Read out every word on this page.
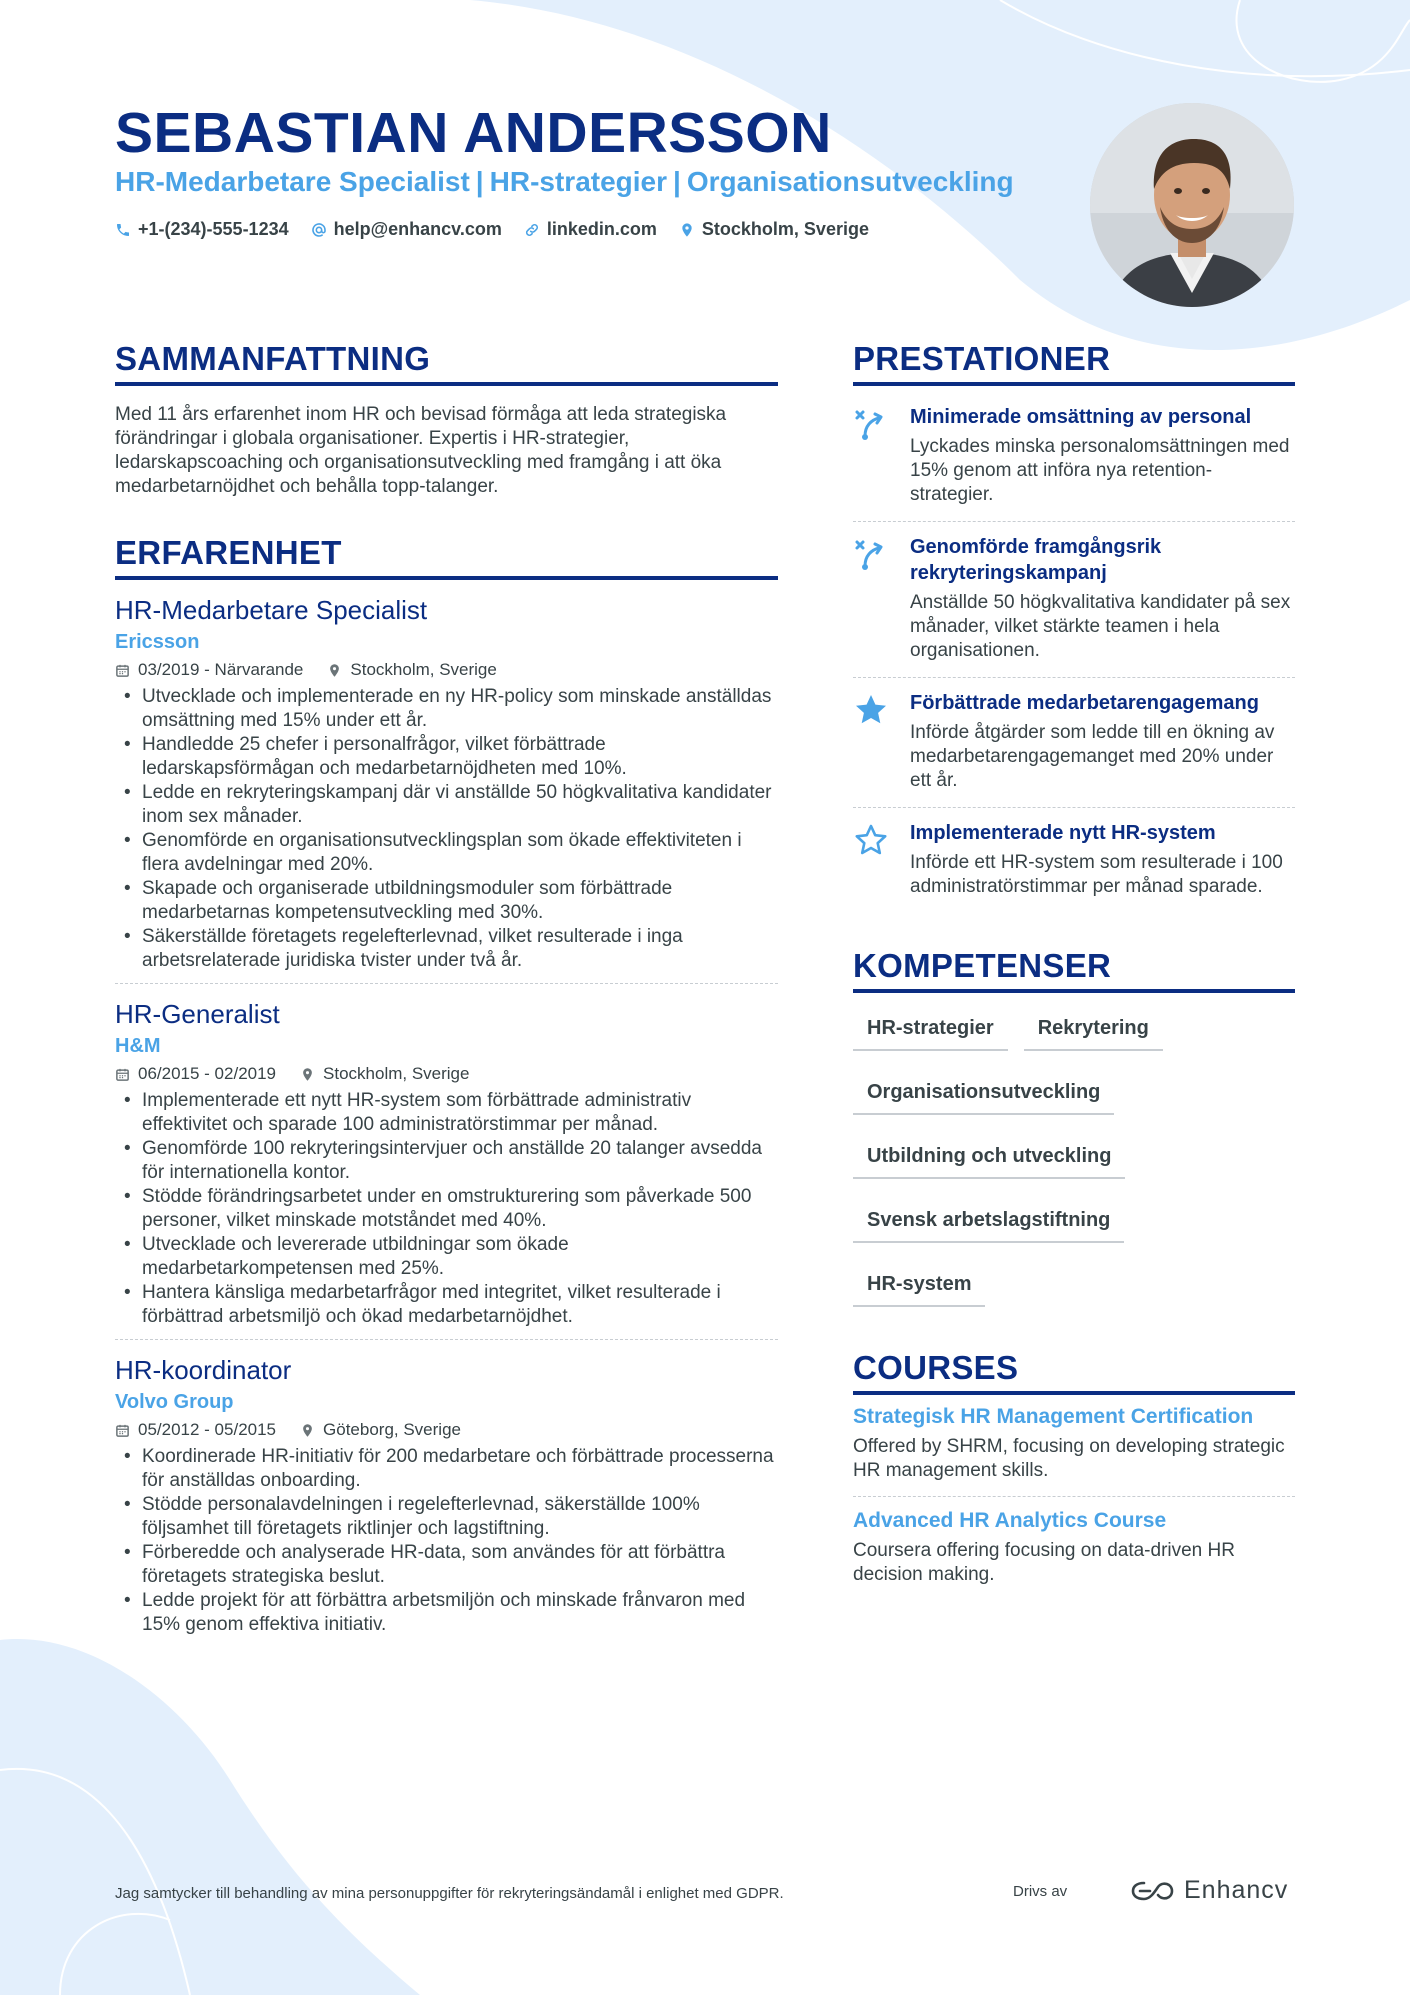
SEBASTIAN ANDERSSON
HR-Medarbetare Specialist | HR-strategier | Organisationsutveckling
+1-(234)-555-1234	help@enhancv.com	linkedin.com	Stockholm, Sverige
SAMMANFATTNING

Med 11 års erfarenhet inom HR och bevisad förmåga att leda strategiska förändringar i globala organisationer. Expertis i HR-strategier, ledarskapscoaching och organisationsutveckling med framgång i att öka medarbetarnöjdhet och behålla topp-talanger.

ERFARENHET
HR-Medarbetare Specialist
Ericsson
03/2019 - Närvarande	Stockholm, Sverige
• Utvecklade och implementerade en ny HR-policy som minskade anställdas omsättning med 15% under ett år.
• Handledde 25 chefer i personalfrågor, vilket förbättrade ledarskapsförmågan och medarbetarnöjdheten med 10%.
• Ledde en rekryteringskampanj där vi anställde 50 högkvalitativa kandidater inom sex månader.
• Genomförde en organisationsutvecklingsplan som ökade effektiviteten i flera avdelningar med 20%.
• Skapade och organiserade utbildningsmoduler som förbättrade medarbetarnas kompetensutveckling med 30%.
• Säkerställde företagets regelefterlevnad, vilket resulterade i inga arbetsrelaterade juridiska tvister under två år.
HR-Generalist
H&M
06/2015 - 02/2019	Stockholm, Sverige
• Implementerade ett nytt HR-system som förbättrade administrativ effektivitet och sparade 100 administratörstimmar per månad.
• Genomförde 100 rekryteringsintervjuer och anställde 20 talanger avsedda för internationella kontor.
• Stödde förändringsarbetet under en omstrukturering som påverkade 500 personer, vilket minskade motståndet med 40%.
• Utvecklade och levererade utbildningar som ökade medarbetarkompetensen med 25%.
• Hantera känsliga medarbetarfrågor med integritet, vilket resulterade i förbättrad arbetsmiljö och ökad medarbetarnöjdhet.
HR-koordinator
Volvo Group
05/2012 - 05/2015	Göteborg, Sverige
• Koordinerade HR-initiativ för 200 medarbetare och förbättrade processerna för anställdas onboarding.
• Stödde personalavdelningen i regelefterlevnad, säkerställde 100% följsamhet till företagets riktlinjer och lagstiftning.
• Förberedde och analyserade HR-data, som användes för att förbättra företagets strategiska beslut.
• Ledde projekt för att förbättra arbetsmiljön och minskade frånvaron med 15% genom effektiva initiativ.
PRESTATIONER
Minimerade omsättning av personal
Lyckades minska personalomsättningen med 15% genom att införa nya retention-strategier.
Genomförde framgångsrik rekryteringskampanj
Anställde 50 högkvalitativa kandidater på sex månader, vilket stärkte teamen i hela organisationen.
Förbättrade medarbetarengagemang
Införde åtgärder som ledde till en ökning av medarbetarengagemanget med 20% under ett år.
Implementerade nytt HR-system
Införde ett HR-system som resulterade i 100 administratörstimmar per månad sparade.
KOMPETENSER
HR-strategier	Rekrytering
Organisationsutveckling
Utbildning och utveckling
Svensk arbetslagstiftning
HR-system
COURSES
Strategisk HR Management Certification
Offered by SHRM, focusing on developing strategic HR management skills.
Advanced HR Analytics Course
Coursera offering focusing on data-driven HR decision making.
Jag samtycker till behandling av mina personuppgifter för rekryteringsändamål i enlighet med GDPR.	Drivs av	Enhancv
